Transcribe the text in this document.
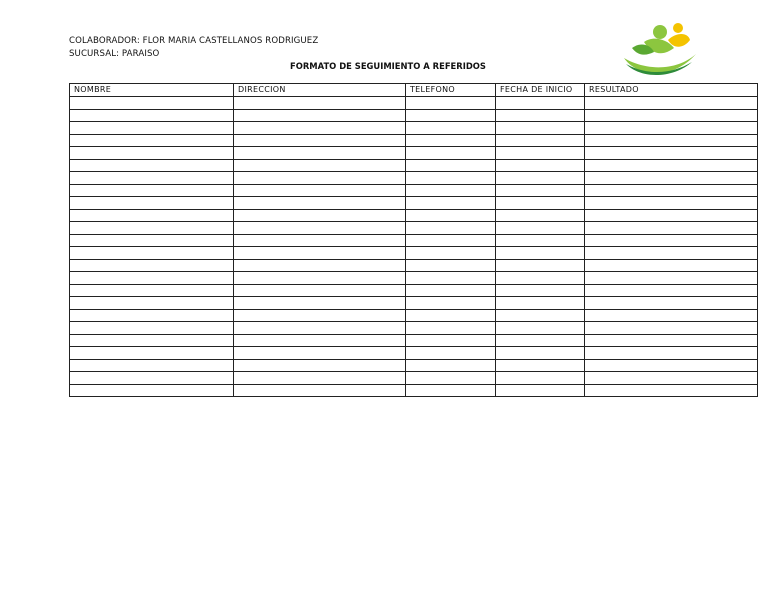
COLABORADOR: FLOR MARIA CASTELLANOS RODRIGUEZ
SUCURSAL: PARAISO
FORMATO DE SEGUIMIENTO A REFERIDOS
NOMBRE	DIRECCION	TELEFONO	FECHA DE INICIO	RESULTADO
